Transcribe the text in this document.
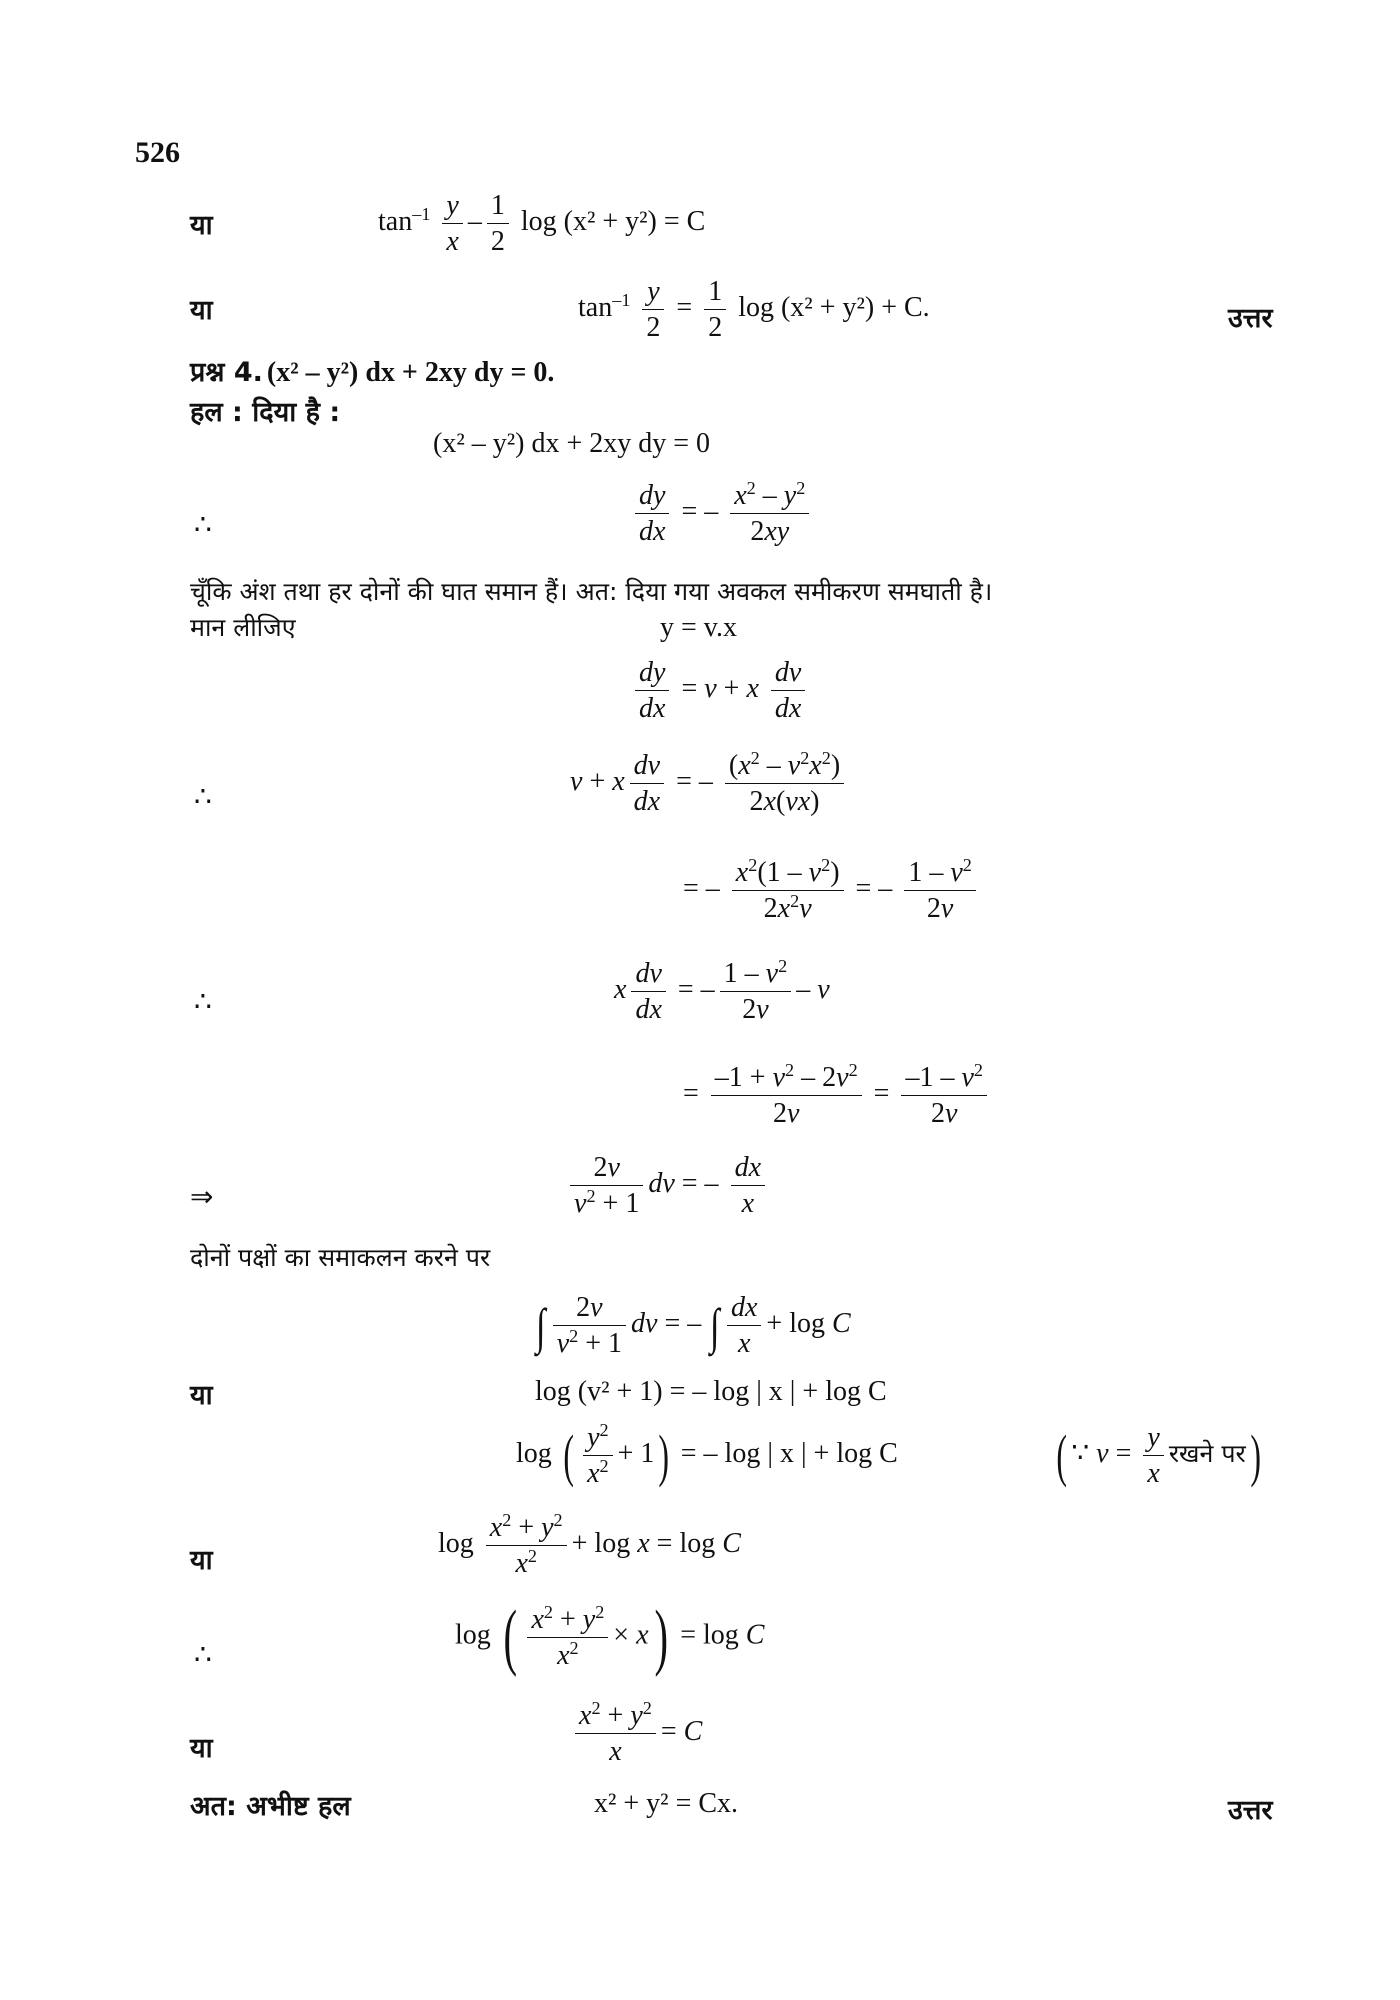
526
या	$\tan^{-1} \frac{y}{x} - \frac{1}{2}$ log (x² + y²) = C
या	$\tan^{-1} \frac{y}{2} = \frac{1}{2}$ log (x² + y²) + C.	उत्तर
प्रश्न 4. (x² – y²) dx + 2xy dy = 0.
हल : दिया है :
(x² – y²) dx + 2xy dy = 0
∴	$\frac{dy}{dx}$ = – $\frac{x^2 - y^2}{2xy}$
चूँकि अंश तथा हर दोनों की घात समान हैं। अत: दिया गया अवकल समीकरण समघाती है।
मान लीजिए	y = v.x
$\frac{dy}{dx} = v + x \frac{dv}{dx}$
∴
v + x $\frac{dv}{dx}$ = – $\frac{(x^2 - v^2x^2)}{2x(vx)}$
= – $\frac{x^2(1 - v^2)}{2x^2v}$ = – $\frac{1 - v^2}{2v}$
∴	x $\frac{dv}{dx}$ = – $\frac{1 - v^2}{2v}$ – v
= $\frac{-1 + v^2 - 2v^2}{2v} = \frac{-1 - v^2}{2v}$
⇒	$\frac{2v}{v^2 + 1}$ dv = – $\frac{dx}{x}$
दोनों पक्षों का समाकलन करने पर
∫ $\frac{2v}{v^2 + 1}$ dv = – ∫ $\frac{dx}{x} + \log C$
या	log (v² + 1) = – log | x | + log C
log ( $\frac{y^2}{x^2} + 1$) = – log | x | + log C	( ∵ $v = \frac{y}{x}$ रखने पर)
या
$\log \frac{x^2 + y^2}{x^2} + \log x = \log C$
∴
log ( $\frac{x^2 + y^2}{x^2} \times x) = \log C$
या	$\frac{x^2 + y^2}{x} = C$
अत: अभीष्ट हल	x² + y² = Cx.	उत्तर
